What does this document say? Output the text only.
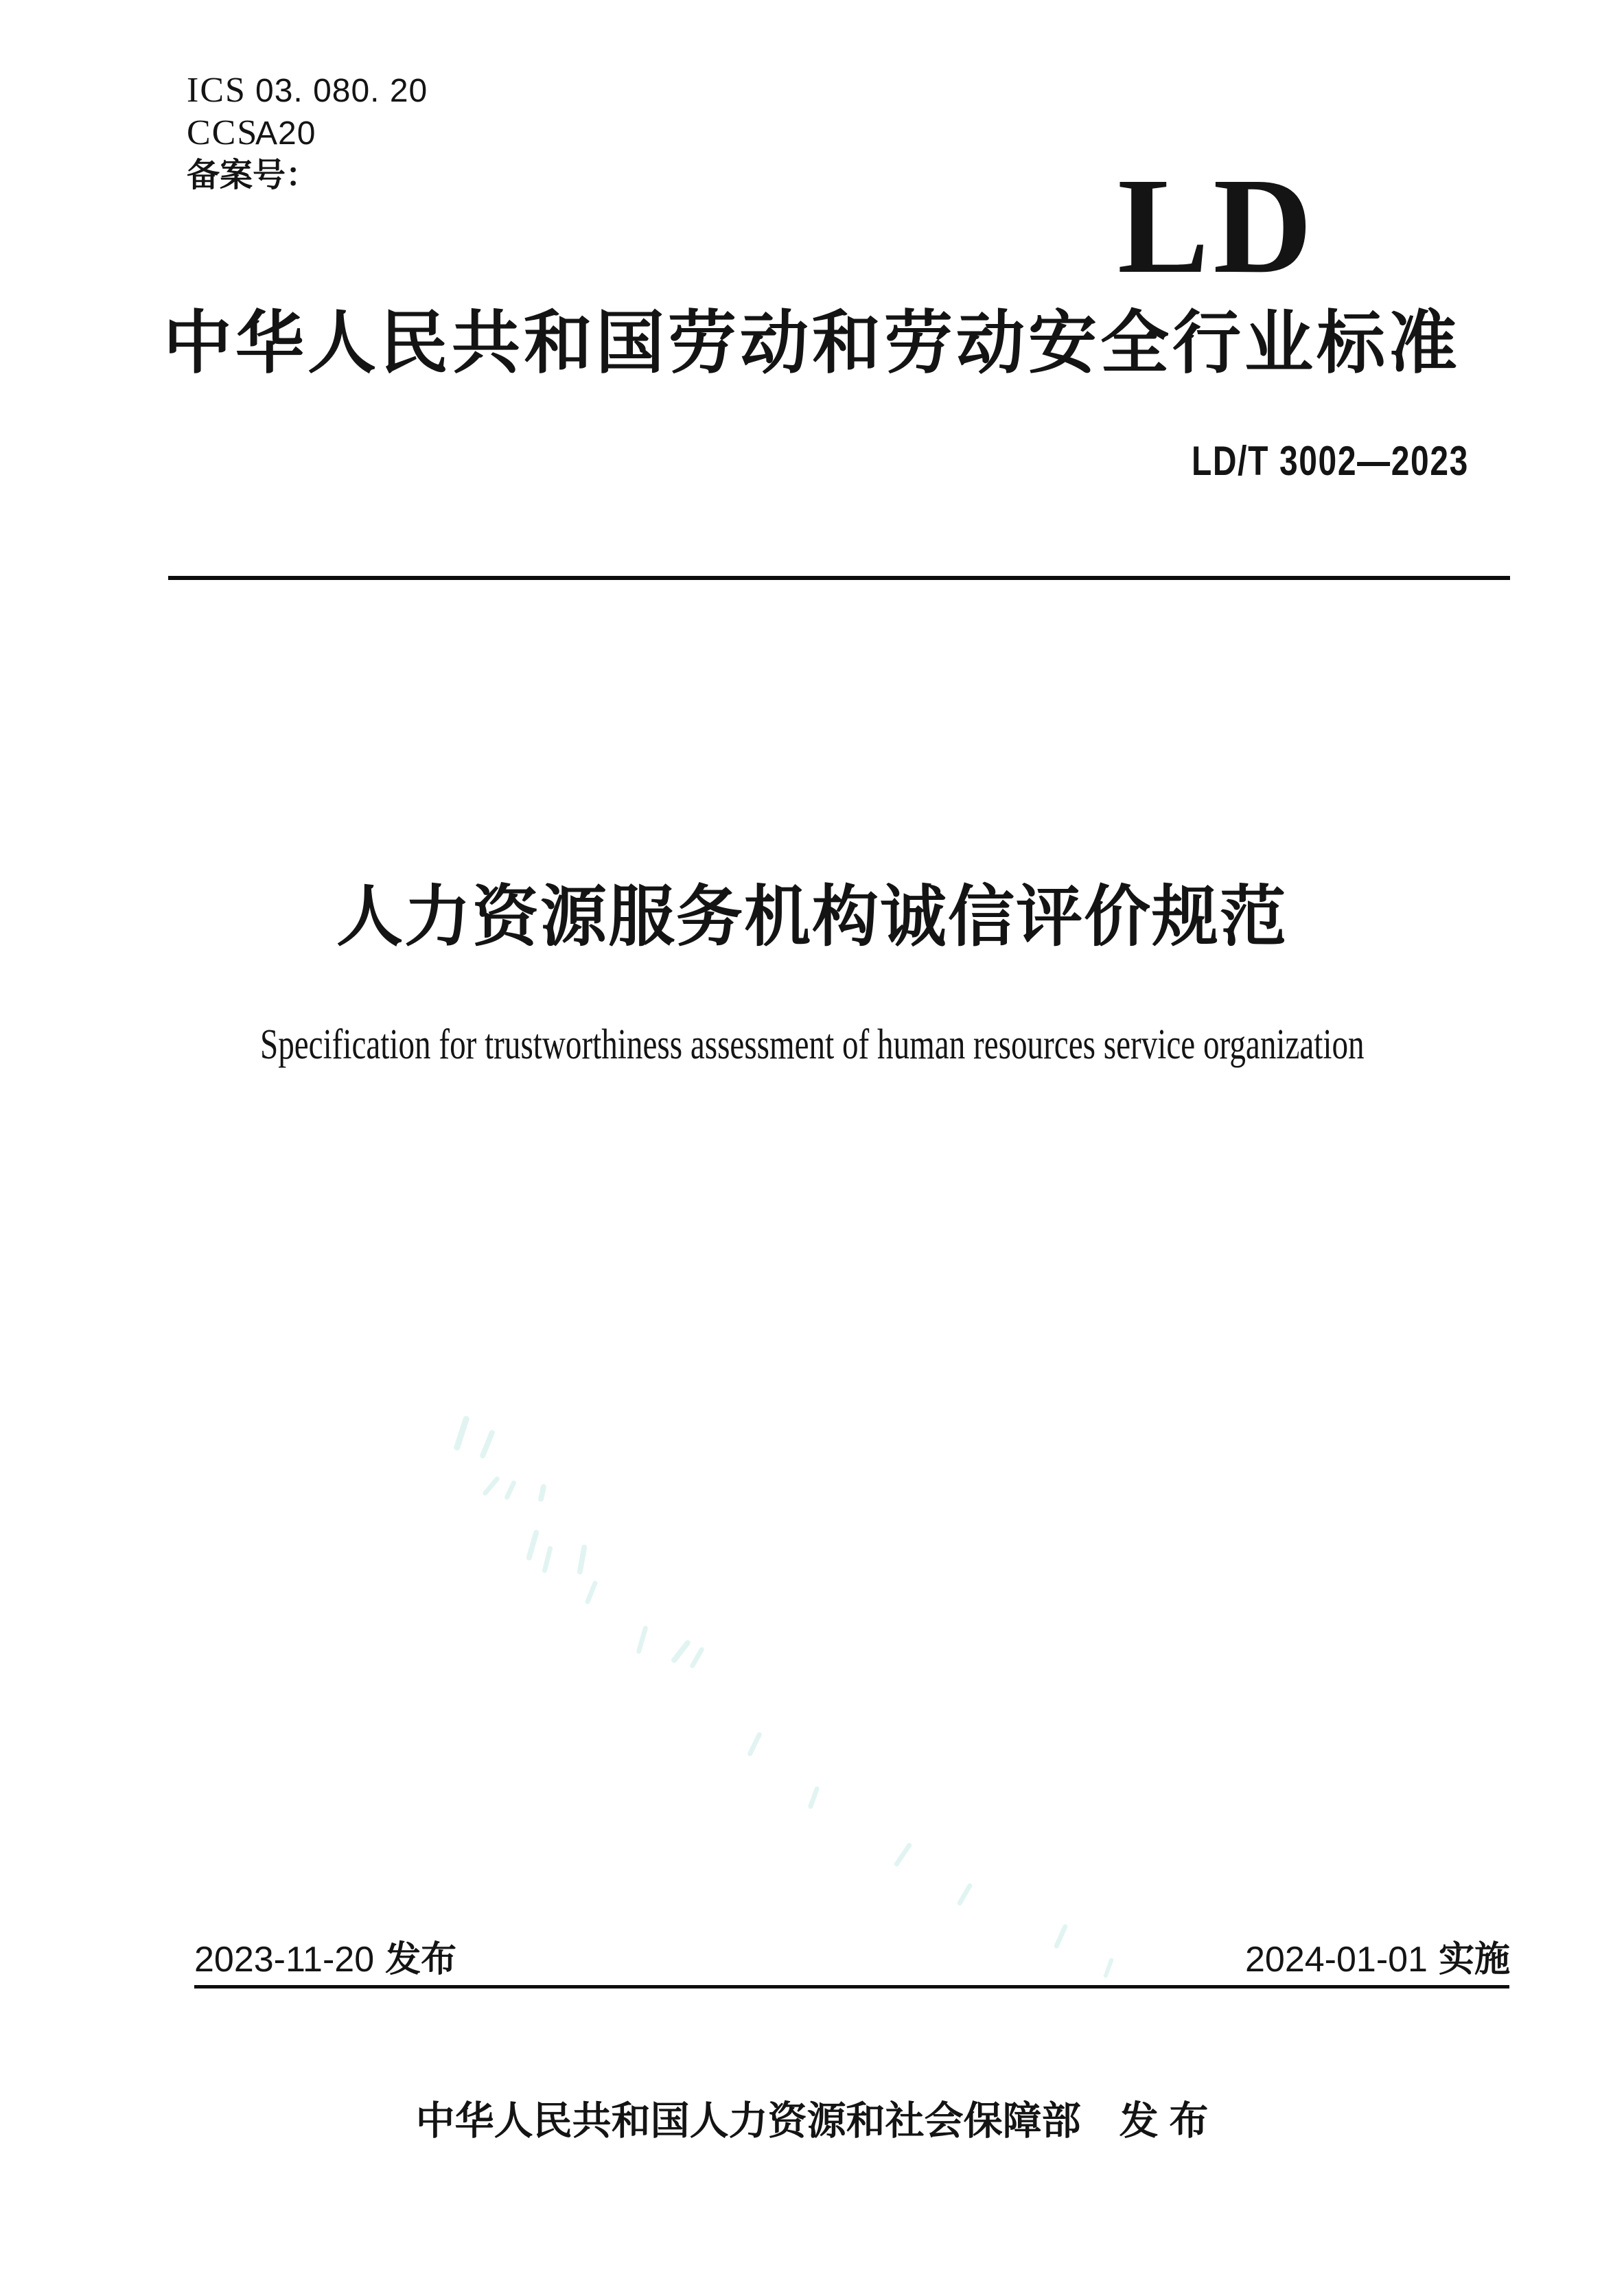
ICS 03. 080. 20
CCSA20
备案号：	LD
中华人民共和国劳动和劳动安全行业标准
LD/T 3002—2023
人力资源服务机构诚信评价规范
Specification for trustworthiness assessment of human resources service organization
2023-11-20 发布	2024-01-01 实施
中华人民共和国人力资源和社会保障部 发 布
